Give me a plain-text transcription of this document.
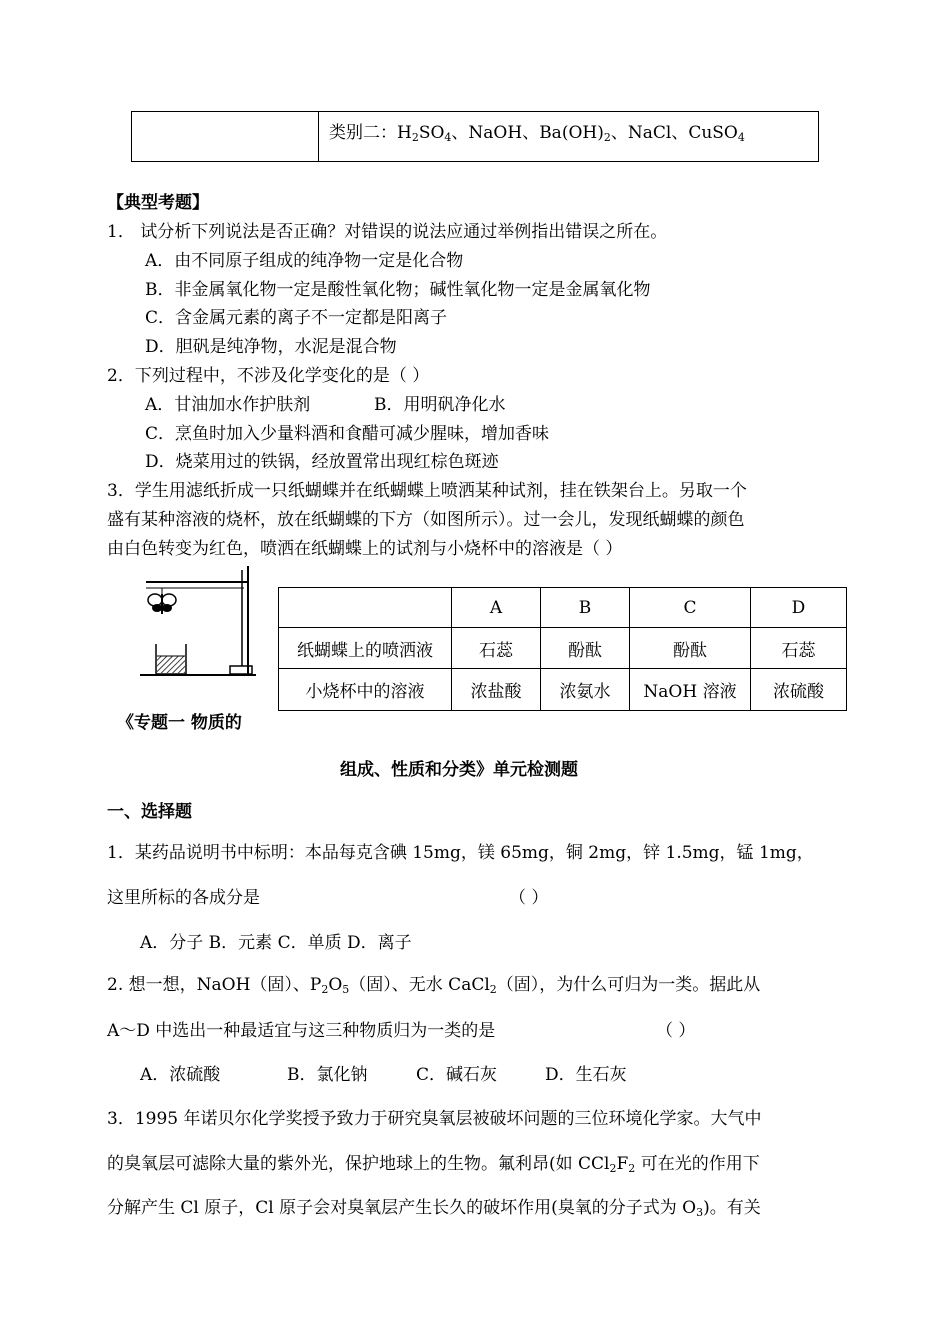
	类别二：$H_2SO_4$、NaOH、$Ba(OH)_2$、NaCl、CuSO$_4$
【典型考题】
1． 试分析下列说法是否正确？对错误的说法应通过举例指出错误之所在。
A．由不同原子组成的纯净物一定是化合物
B．非金属氧化物一定是酸性氧化物；碱性氧化物一定是金属氧化物
C．含金属元素的离子不一定都是阳离子
D．胆矾是纯净物，水泥是混合物
2．下列过程中，不涉及化学变化的是（ ）
A．甘油加水作护肤剂	B．用明矾净化水
C．烹鱼时加入少量料酒和食醋可减少腥味，增加香味
D．烧菜用过的铁锅，经放置常出现红棕色斑迹
3．学生用滤纸折成一只纸蝴蝶并在纸蝴蝶上喷洒某种试剂，挂在铁架台上。另取一个
盛有某种溶液的烧杯，放在纸蝴蝶的下方（如图所示）。过一会儿，发现纸蝴蝶的颜色
由白色转变为红色，喷洒在纸蝴蝶上的试剂与小烧杯中的溶液是（ ）
	A	B	C	D
纸蝴蝶上的喷洒液	石蕊	酚酞	酚酞	石蕊
小烧杯中的溶液	浓盐酸	浓氨水	NaOH 溶液	浓硫酸
《专题一 物质的
组成、性质和分类》单元检测题
一、选择题
1．某药品说明书中标明：本品每克含碘 15mg，镁 65mg，铜 2mg，锌 1.5mg，锰 1mg，
这里所标的各成分是	（ ）
A．分子 B．元素 C．单质 D．离子
2. 想一想，NaOH（固）、$P_2O_5$（固）、无水 CaCl$_2$（固），为什么可归为一类。据此从
A～D 中选出一种最适宜与这三种物质归为一类的是	（ ）
A．浓硫酸	B．氯化钠	C．碱石灰	D．生石灰
3．1995 年诺贝尔化学奖授予致力于研究臭氧层被破坏问题的三位环境化学家。大气中
的臭氧层可滤除大量的紫外光，保护地球上的生物。氟利昂(如 $CCl_2F_2$ 可在光的作用下
分解产生 Cl 原子，Cl 原子会对臭氧层产生长久的破坏作用(臭氧的分子式为 $O_3$)。有关
